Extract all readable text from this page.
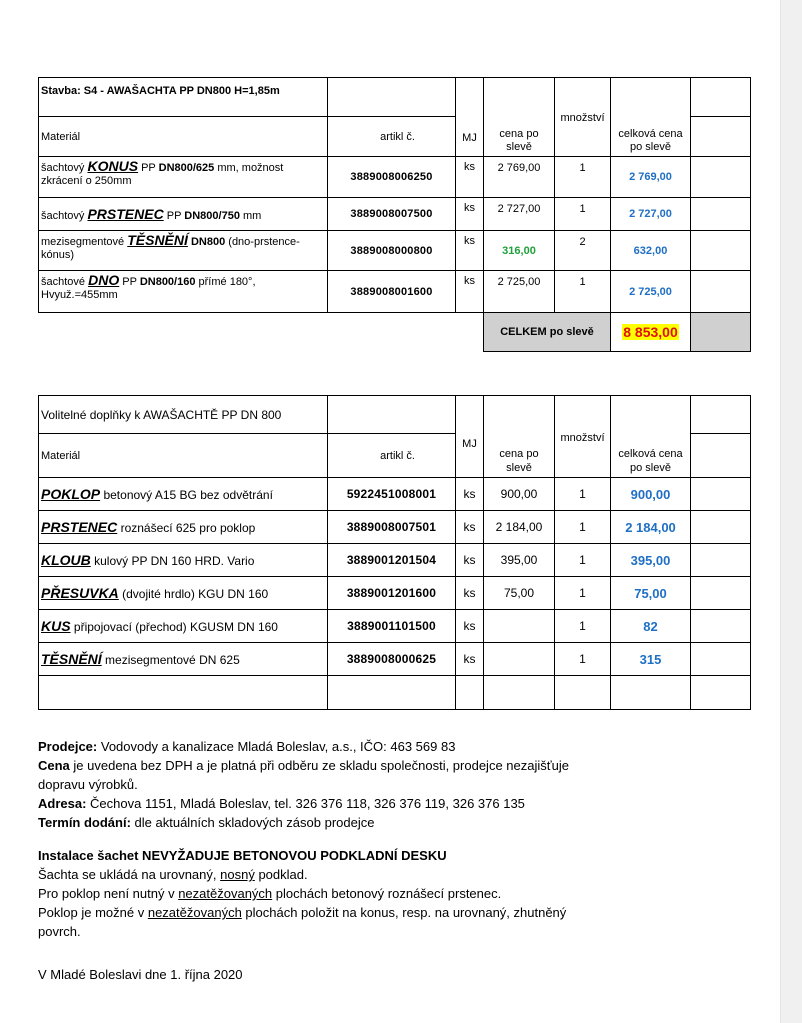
Stavba: S4 - AWAŠACHTA PP DN800 H=1,85m		MJ	cena po slevě	množství	celková cena po slevě	
Materiál	artikl č.					
šachtový KONUS PP DN800/625 mm, možnost zkrácení o 250mm	3889008006250	ks	2 769,00	1	2 769,00	
šachtový PRSTENEC PP DN800/750 mm	3889008007500	ks	2 727,00	1	2 727,00	
mezisegmentové TĚSNĚNÍ DN800 (dno-prstence-kónus)	3889008000800	ks	316,00	2	632,00	
šachtové DNO PP DN800/160 přímé 180°, Hvyuž.=455mm	3889008001600	ks	2 725,00	1	2 725,00	
			CELKEM po slevě		8 853,00	
Volitelné doplňky k AWAŠACHTĚ PP DN 800		MJ	cena po slevě	množství	celková cena po slevě	
Materiál	artikl č.					
POKLOP betonový A15 BG bez odvětrání	5922451008001	ks	900,00	1	900,00	
PRSTENEC roznášecí 625 pro poklop	3889008007501	ks	2 184,00	1	2 184,00	
KLOUB kulový PP DN 160 HRD. Vario	3889001201504	ks	395,00	1	395,00	
PŘESUVKA (dvojité hrdlo) KGU DN 160	3889001201600	ks	75,00	1	75,00	
KUS připojovací (přechod) KGUSM DN 160	3889001101500	ks		1	82	
TĚSNĚNÍ mezisegmentové DN 625	3889008000625	ks		1	315	

Prodejce: Vodovody a kanalizace Mladá Boleslav, a.s., IČO: 463 569 83

Cena je uvedena bez DPH a je platná při odběru ze skladu společnosti, prodejce nezajišťuje

dopravu výrobků.

Adresa: Čechova 1151, Mladá Boleslav, tel. 326 376 118, 326 376 119, 326 376 135

Termín dodání: dle aktuálních skladových zásob prodejce

Instalace šachet NEVYŽADUJE BETONOVOU PODKLADNÍ DESKU

Šachta se ukládá na urovnaný, nosný podklad.

Pro poklop není nutný v nezatěžovaných plochách betonový roznášecí prstenec.

Poklop je možné v nezatěžovaných plochách položit na konus, resp. na urovnaný, zhutněný

povrch.

V Mladé Boleslavi dne 1. října 2020
